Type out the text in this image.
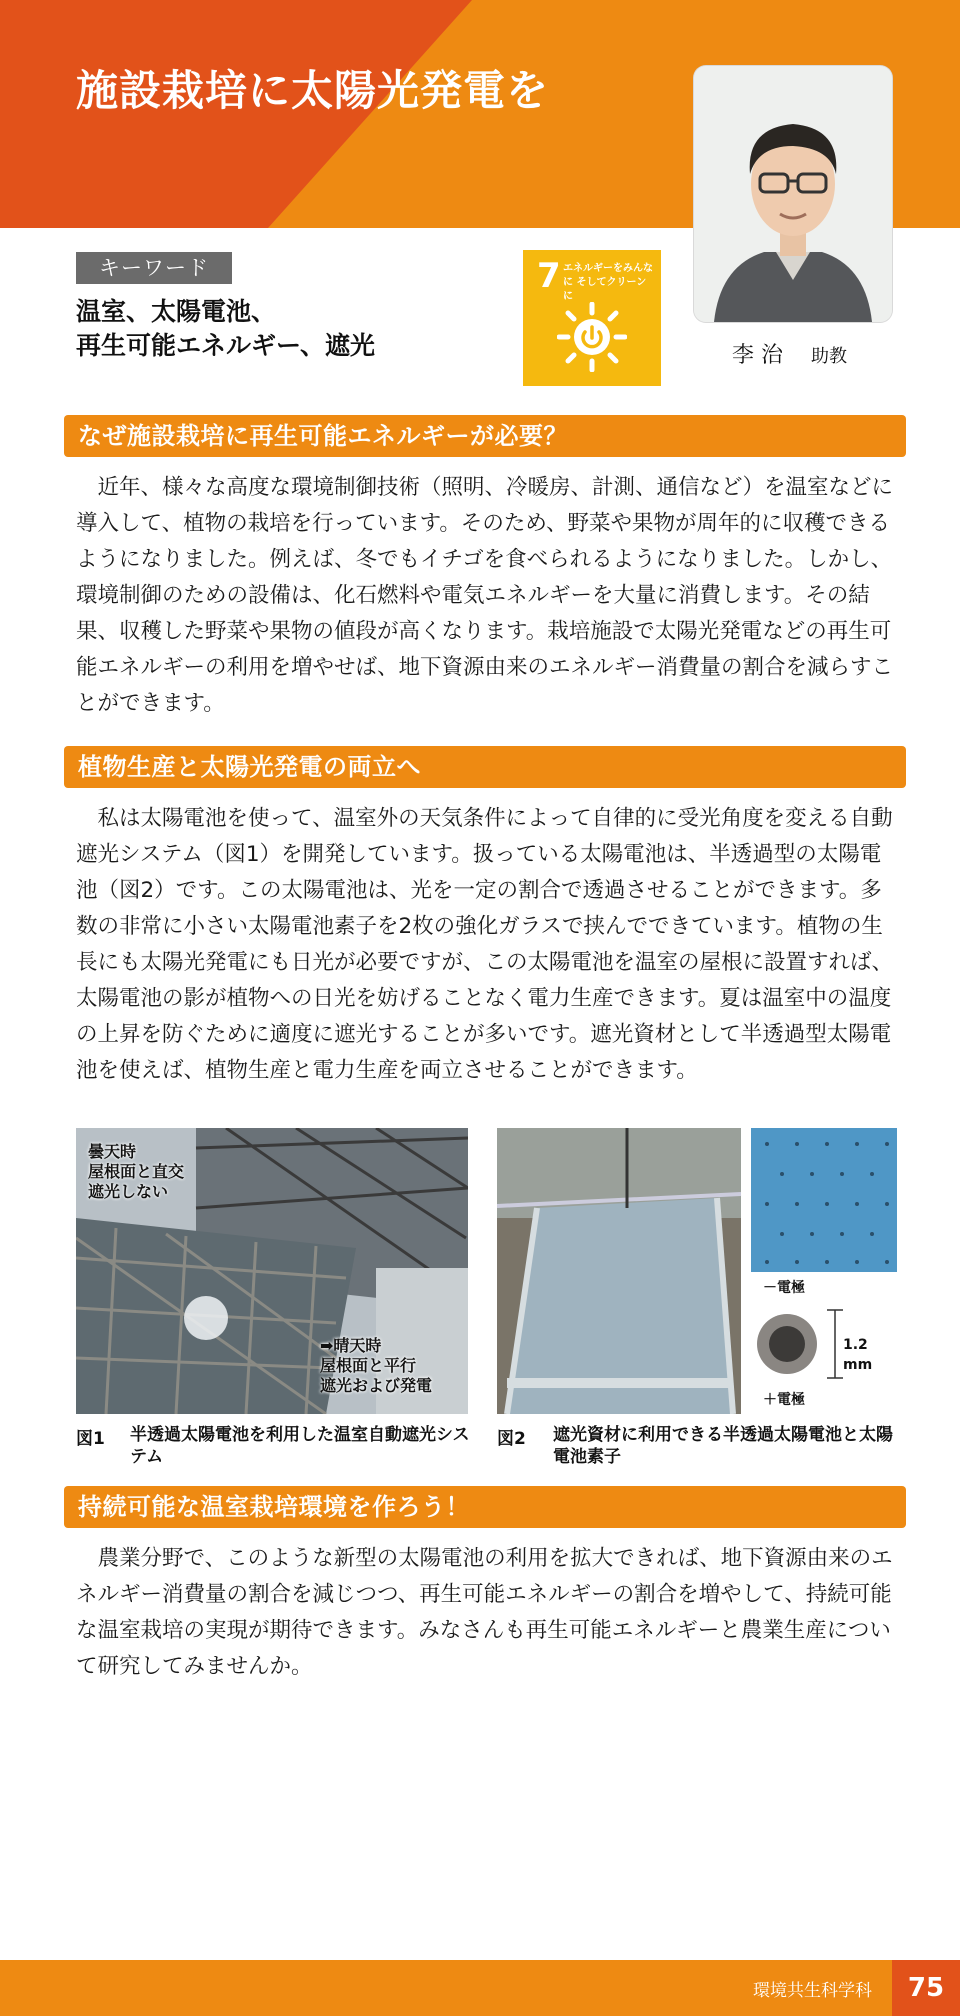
施設栽培に太陽光発電を
李 治 助教
キーワード
温室、太陽電池、
再生可能エネルギー、遮光
7 エネルギーをみんなに そしてクリーンに
なぜ施設栽培に再生可能エネルギーが必要？

近年、様々な高度な環境制御技術（照明、冷暖房、計測、通信など）を温室などに導入して、植物の栽培を行っています。そのため、野菜や果物が周年的に収穫できるようになりました。例えば、冬でもイチゴを食べられるようになりました。しかし、環境制御のための設備は、化石燃料や電気エネルギーを大量に消費します。その結果、収穫した野菜や果物の値段が高くなります。栽培施設で太陽光発電などの再生可能エネルギーの利用を増やせば、地下資源由来のエネルギー消費量の割合を減らすことができます。

植物生産と太陽光発電の両立へ

私は太陽電池を使って、温室外の天気条件によって自律的に受光角度を変える自動遮光システム（図1）を開発しています。扱っている太陽電池は、半透過型の太陽電池（図2）です。この太陽電池は、光を一定の割合で透過させることができます。多数の非常に小さい太陽電池素子を2枚の強化ガラスで挟んでできています。植物の生長にも太陽光発電にも日光が必要ですが、この太陽電池を温室の屋根に設置すれば、太陽電池の影が植物への日光を妨げることなく電力生産できます。夏は温室中の温度の上昇を防ぐために適度に遮光することが多いです。遮光資材として半透過型太陽電池を使えば、植物生産と電力生産を両立させることができます。

曇天時
屋根面と直交
遮光しない
➡晴天時
屋根面と平行
遮光および発電
－電極
1.2 mm
＋電極
図1 半透過太陽電池を利用した温室自動遮光システム
図2 遮光資材に利用できる半透過太陽電池と太陽電池素子
持続可能な温室栽培環境を作ろう！

農業分野で、このような新型の太陽電池の利用を拡大できれば、地下資源由来のエネルギー消費量の割合を減じつつ、再生可能エネルギーの割合を増やして、持続可能な温室栽培の実現が期待できます。みなさんも再生可能エネルギーと農業生産について研究してみませんか。

環境共生科学科	75
